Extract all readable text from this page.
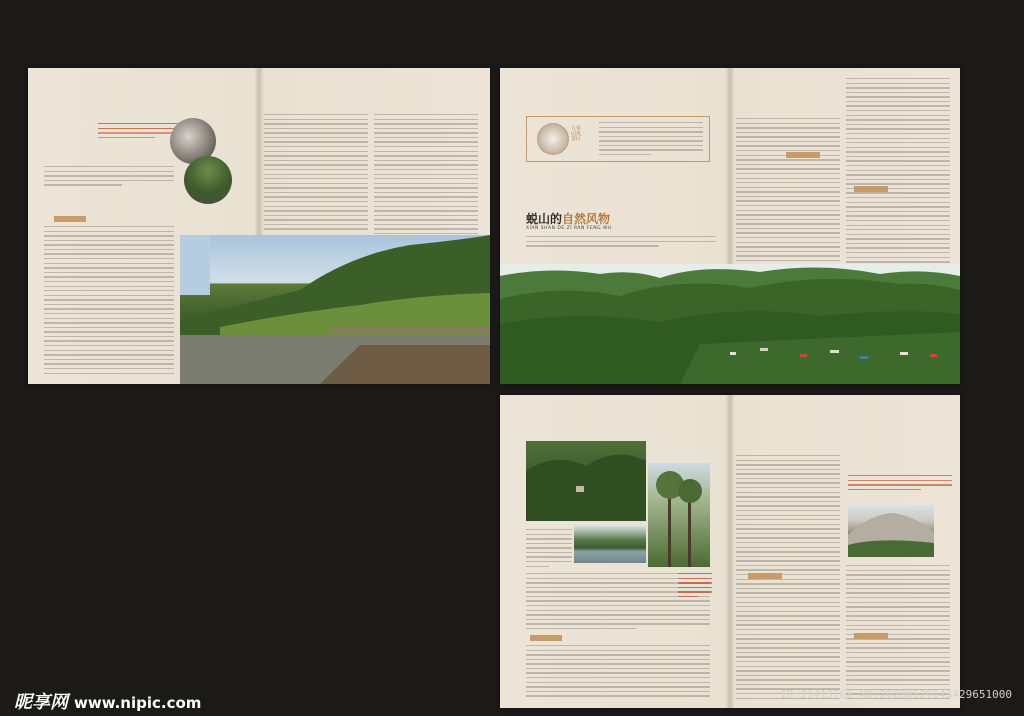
九华山风景区
蜕山的自然风物
XIAN SHAN DE ZI RAN FENG WU
昵享网 www.nipic.com	ID:21413768 NO:20200529143429651000
